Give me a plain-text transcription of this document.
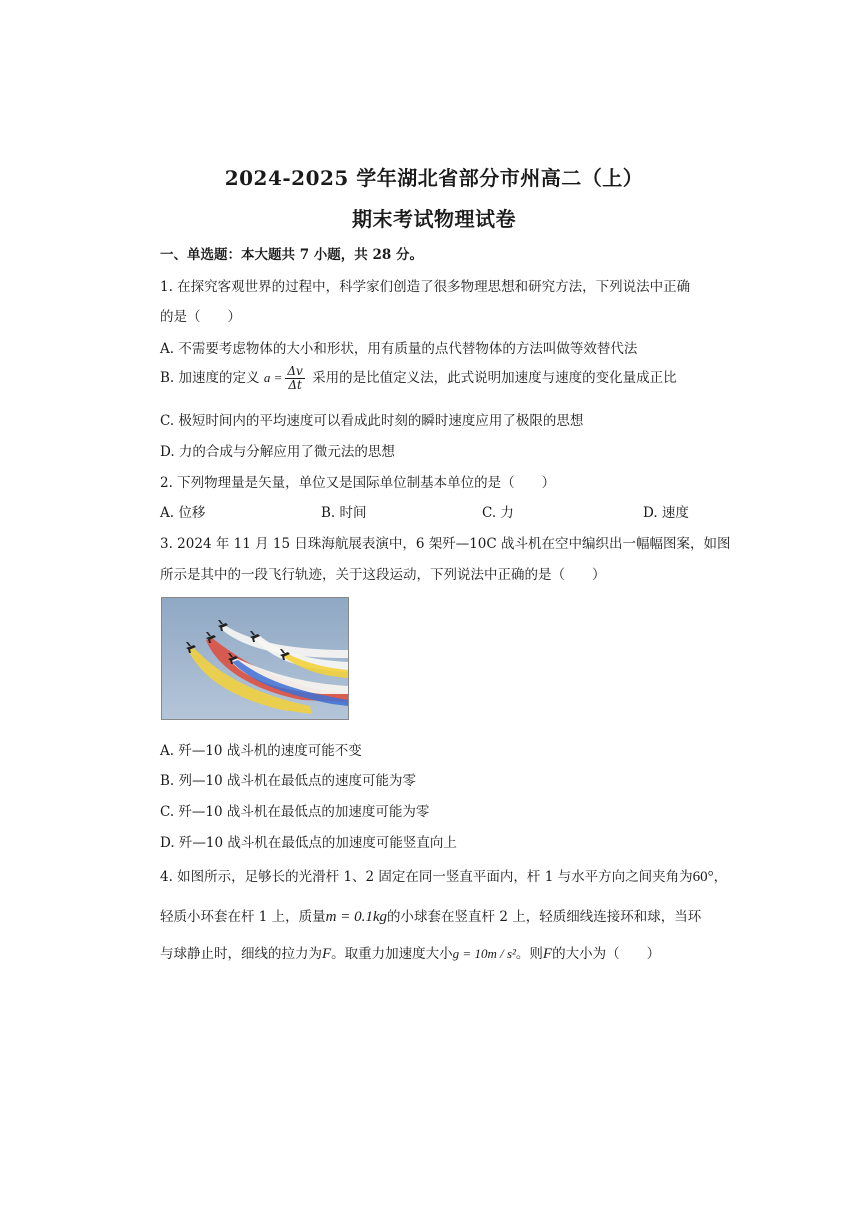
2024-2025 学年湖北省部分市州高二（上）
期末考试物理试卷
一、单选题：本大题共 7 小题，共 28 分。
1. 在探究客观世界的过程中，科学家们创造了很多物理思想和研究方法，下列说法中正确
的是（　　）
A. 不需要考虑物体的大小和形状，用有质量的点代替物体的方法叫做等效替代法
B. 加速度的定义 $a = \frac{\Delta v}{\Delta t}$ 采用的是比值定义法，此式说明加速度与速度的变化量成正比
C. 极短时间内的平均速度可以看成此时刻的瞬时速度应用了极限的思想
D. 力的合成与分解应用了微元法的思想
2. 下列物理量是矢量，单位又是国际单位制基本单位的是（　　）
A. 位移	B. 时间	C. 力	D. 速度
3. 2024 年 11 月 15 日珠海航展表演中，6 架歼—10C 战斗机在空中编织出一幅幅图案，如图
所示是其中的一段飞行轨迹，关于这段运动，下列说法中正确的是（　　）
A. 歼—10 战斗机的速度可能不变
B. 列—10 战斗机在最低点的速度可能为零
C. 歼—10 战斗机在最低点的加速度可能为零
D. 歼—10 战斗机在最低点的加速度可能竖直向上
4. 如图所示，足够长的光滑杆 1、2 固定在同一竖直平面内，杆 1 与水平方向之间夹角为60°，
轻质小环套在杆 1 上，质量m = 0.1kg的小球套在竖直杆 2 上，轻质细线连接环和球，当环
与球静止时，细线的拉力为F。取重力加速度大小g = 10m / s²。则F的大小为（　　）
